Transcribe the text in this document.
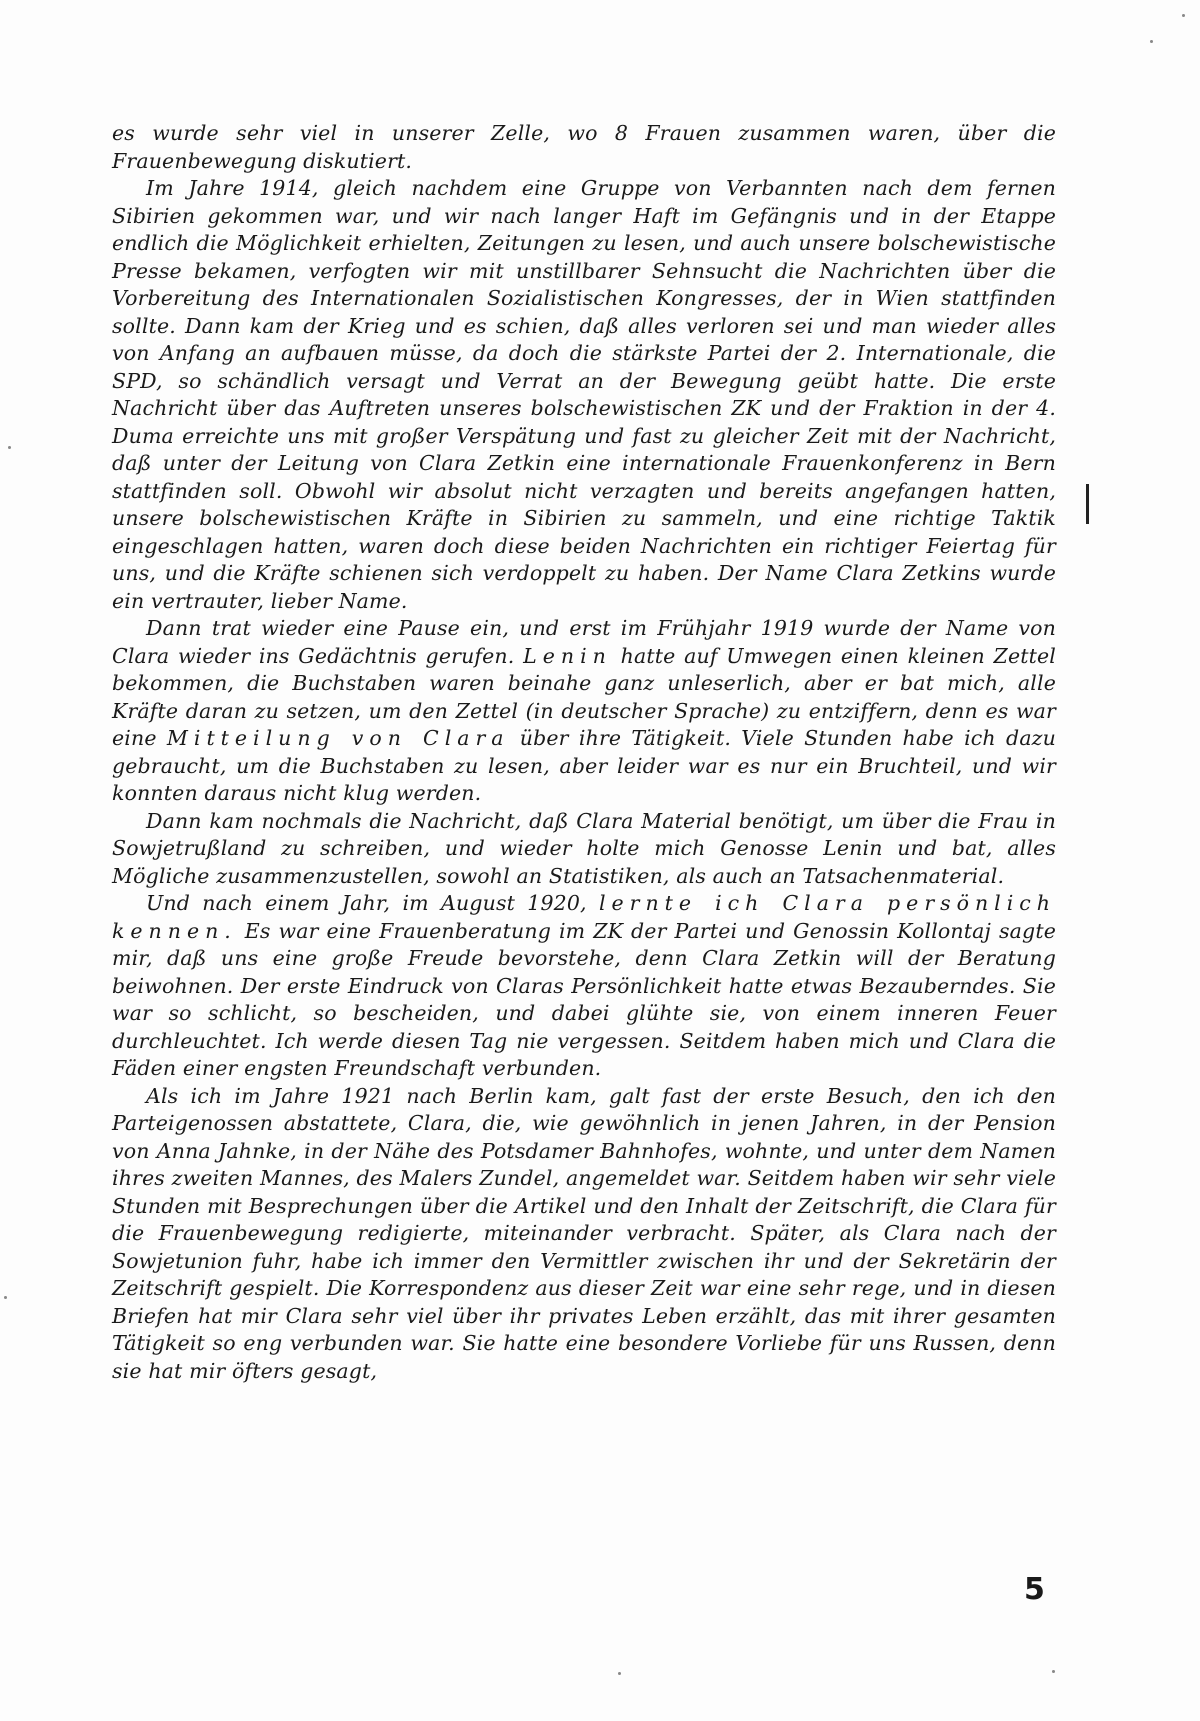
es wurde sehr viel in unserer Zelle, wo 8 Frauen zusammen waren, über die Frauenbewegung diskutiert.

Im Jahre 1914, gleich nachdem eine Gruppe von Verbannten nach dem fernen Sibirien gekommen war, und wir nach langer Haft im Gefängnis und in der Etappe endlich die Möglichkeit erhielten, Zeitungen zu lesen, und auch unsere bolschewistische Presse bekamen, verfogten wir mit unstillbarer Sehnsucht die Nachrichten über die Vorbereitung des Internationalen Sozialistischen Kongresses, der in Wien stattfinden sollte. Dann kam der Krieg und es schien, daß alles verloren sei und man wieder alles von Anfang an aufbauen müsse, da doch die stärkste Partei der 2. Internationale, die SPD, so schändlich versagt und Verrat an der Bewegung geübt hatte. Die erste Nachricht über das Auftreten unseres bolschewistischen ZK und der Fraktion in der 4. Duma erreichte uns mit großer Verspätung und fast zu gleicher Zeit mit der Nachricht, daß unter der Leitung von Clara Zetkin eine internationale Frauenkonferenz in Bern stattfinden soll. Obwohl wir absolut nicht verzagten und bereits angefangen hatten, unsere bolschewistischen Kräfte in Sibirien zu sammeln, und eine richtige Taktik eingeschlagen hatten, waren doch diese beiden Nachrichten ein richtiger Feiertag für uns, und die Kräfte schienen sich verdoppelt zu haben. Der Name Clara Zetkins wurde ein vertrauter, lieber Name.

Dann trat wieder eine Pause ein, und erst im Frühjahr 1919 wurde der Name von Clara wieder ins Gedächtnis gerufen. Lenin hatte auf Umwegen einen kleinen Zettel bekommen, die Buchstaben waren beinahe ganz unleserlich, aber er bat mich, alle Kräfte daran zu setzen, um den Zettel (in deutscher Sprache) zu entziffern, denn es war eine Mitteilung von Clara über ihre Tätigkeit. Viele Stunden habe ich dazu gebraucht, um die Buchstaben zu lesen, aber leider war es nur ein Bruchteil, und wir konnten daraus nicht klug werden.

Dann kam nochmals die Nachricht, daß Clara Material benötigt, um über die Frau in Sowjetrußland zu schreiben, und wieder holte mich Genosse Lenin und bat, alles Mögliche zusammenzustellen, sowohl an Statistiken, als auch an Tatsachenmaterial.

Und nach einem Jahr, im August 1920, lernte ich Clara persönlich kennen. Es war eine Frauenberatung im ZK der Partei und Genossin Kollontaj sagte mir, daß uns eine große Freude bevorstehe, denn Clara Zetkin will der Beratung beiwohnen. Der erste Eindruck von Claras Persönlichkeit hatte etwas Bezauberndes. Sie war so schlicht, so bescheiden, und dabei glühte sie, von einem inneren Feuer durchleuchtet. Ich werde diesen Tag nie vergessen. Seitdem haben mich und Clara die Fäden einer engsten Freundschaft verbunden.

Als ich im Jahre 1921 nach Berlin kam, galt fast der erste Besuch, den ich den Parteigenossen abstattete, Clara, die, wie gewöhnlich in jenen Jahren, in der Pension von Anna Jahnke, in der Nähe des Potsdamer Bahnhofes, wohnte, und unter dem Namen ihres zweiten Mannes, des Malers Zundel, angemeldet war. Seitdem haben wir sehr viele Stunden mit Besprechungen über die Artikel und den Inhalt der Zeitschrift, die Clara für die Frauenbewegung redigierte, miteinander verbracht. Später, als Clara nach der Sowjetunion fuhr, habe ich immer den Vermittler zwischen ihr und der Sekretärin der Zeitschrift gespielt. Die Korrespondenz aus dieser Zeit war eine sehr rege, und in diesen Briefen hat mir Clara sehr viel über ihr privates Leben erzählt, das mit ihrer gesamten Tätigkeit so eng verbunden war. Sie hatte eine besondere Vorliebe für uns Russen, denn sie hat mir öfters gesagt,

5
